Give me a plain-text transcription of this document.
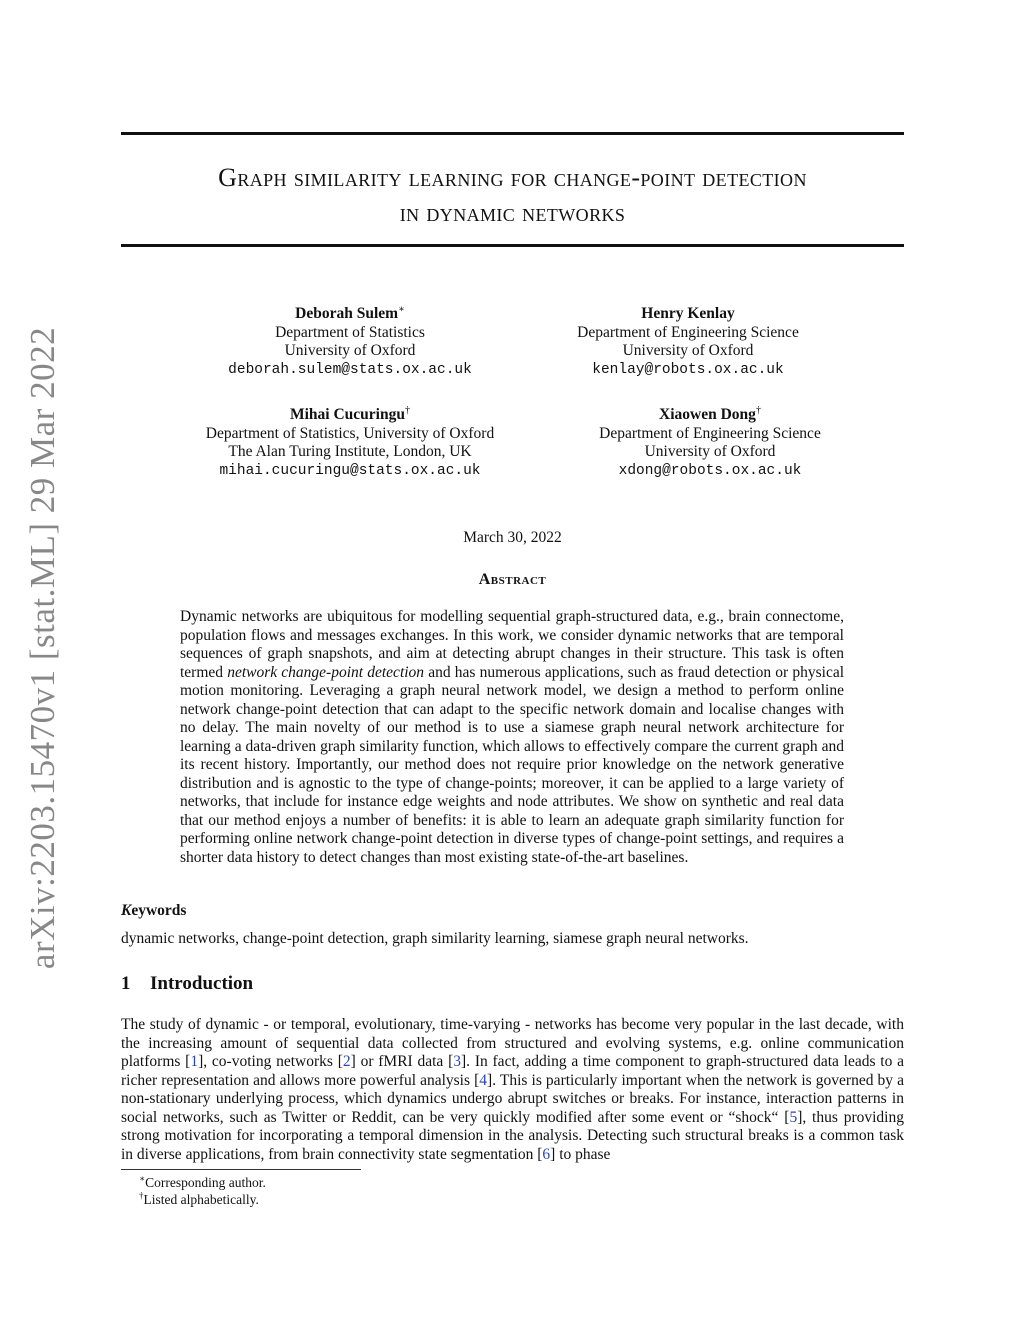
arXiv:2203.15470v1 [stat.ML] 29 Mar 2022
Graph similarity learning for change-point detection
in dynamic networks
Deborah Sulem∗
Department of Statistics
University of Oxford
deborah.sulem@stats.ox.ac.uk
Henry Kenlay
Department of Engineering Science
University of Oxford
kenlay@robots.ox.ac.uk
Mihai Cucuringu†
Department of Statistics, University of Oxford
The Alan Turing Institute, London, UK
mihai.cucuringu@stats.ox.ac.uk
Xiaowen Dong†
Department of Engineering Science
University of Oxford
xdong@robots.ox.ac.uk
March 30, 2022
Abstract
Dynamic networks are ubiquitous for modelling sequential graph-structured data, e.g., brain connectome, population flows and messages exchanges. In this work, we consider dynamic networks that are temporal sequences of graph snapshots, and aim at detecting abrupt changes in their structure. This task is often termed network change-point detection and has numerous applications, such as fraud detection or physical motion monitoring. Leveraging a graph neural network model, we design a method to perform online network change-point detection that can adapt to the specific network domain and localise changes with no delay. The main novelty of our method is to use a siamese graph neural network architecture for learning a data-driven graph similarity function, which allows to effectively compare the current graph and its recent history. Importantly, our method does not require prior knowledge on the network generative distribution and is agnostic to the type of change-points; moreover, it can be applied to a large variety of networks, that include for instance edge weights and node attributes. We show on synthetic and real data that our method enjoys a number of benefits: it is able to learn an adequate graph similarity function for performing online network change-point detection in diverse types of change-point settings, and requires a shorter data history to detect changes than most existing state-of-the-art baselines.
Keywords
dynamic networks, change-point detection, graph similarity learning, siamese graph neural networks.
1 Introduction
The study of dynamic - or temporal, evolutionary, time-varying - networks has become very popular in the last decade, with the increasing amount of sequential data collected from structured and evolving systems, e.g. online communication platforms [1], co-voting networks [2] or fMRI data [3]. In fact, adding a time component to graph-structured data leads to a richer representation and allows more powerful analysis [4]. This is particularly important when the network is governed by a non-stationary underlying process, which dynamics undergo abrupt switches or breaks. For instance, interaction patterns in social networks, such as Twitter or Reddit, can be very quickly modified after some event or “shock“ [5], thus providing strong motivation for incorporating a temporal dimension in the analysis. Detecting such structural breaks is a common task in diverse applications, from brain connectivity state segmentation [6] to phase
∗Corresponding author.
†Listed alphabetically.
